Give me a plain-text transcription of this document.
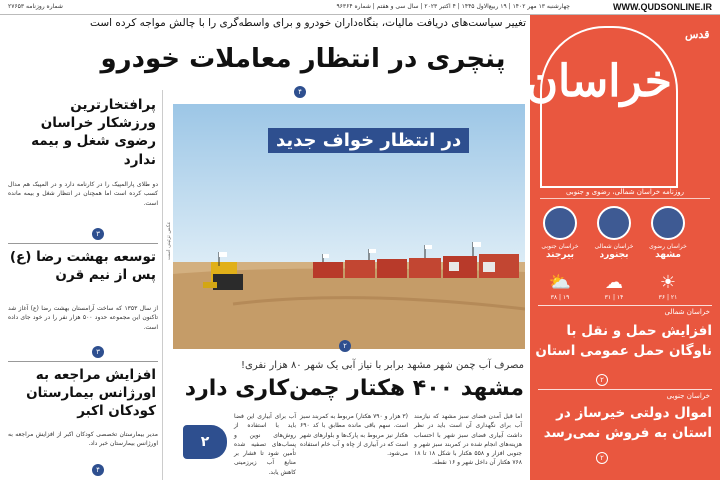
WWW.QUDSONLINE.IR
چهارشنبه ۱۳ مهر ۱۴۰۲ | ۱۹ ربیع‌الاول ۱۴۴۵ | ۴ اکتبر ۲۰۲۳ | سال سی و هفتم | شماره ۹۶۳۶۴
شماره روزنامه ۲۷۶۵۳
خراسان
قدس
روزنامه خراسان شمالی، رضوی و جنوبی
خراسان رضوی
مشهد
خراسان شمالی
بجنورد
خراسان جنوبی
بیرجند
☀
۲۱ | ۳۶
☁
۱۴ | ۳۱
⛅
۱۹ | ۳۸
خراسان شمالی
افزایش حمل و نقل با ناوگان حمل عمومی استان
۲
خراسان جنوبی
اموال دولتی خیرساز در استان به فروش نمی‌رسد
۲
تغییر سیاست‌های دریافت مالیات، بنگاه‌داران خودرو و برای واسطه‌گری را با چالش مواجه کرده است
پنچری در انتظار معاملات خودرو
۴
در انتظار خواف جدید
عکس تزئینی است
۲
مصرف آب چمن شهر مشهد برابر با نیاز آبی یک شهر ۸۰ هزار نفری!
مشهد ۴۰۰ هکتار چمن‌کاری دارد
اما قبل آمدن فضای سبز مشهد که نیازمند آب برای نگهداری آن است باید در نظر داشت آبیاری فضای سبز شهر با احتساب هزینه‌های انجام شده در کمربند سبز شهر و جنوبی افزار و ۵۵۸ هکتار با شکل ۱۸ تا ۱۸ ۷۶۸ هکتار آن داخل شهر و ۱۶ نقطه.
(۳ هزار و ۷۹۰ هکتار) مربوط به کمربند سبز است. سهم باقی مانده مطابق با کد ۶۹۰ هکتار نیز مربوط به پارک‌ها و بلوارهای شهر است که در آبیاری از چاه و آب خام استفاده می‌شود.
آب برای آبیاری این فضا باید با استفاده از روش‌های نوین و پساب‌های تصفیه شده تأمین شود تا فشار بر منابع آب زیرزمینی کاهش یابد.
۲
پرافتخارترین ورزشکار خراسان رضوی شغل و بیمه ندارد
دو طلای پارالمپیک را در کارنامه دارد و در المپیک هم مدال کسب کرده است اما همچنان در انتظار شغل و بیمه مانده است.
۳
توسعه بهشت رضا (ع) پس از نیم قرن
از سال ۱۳۵۳ که ساخت آرامستان بهشت رضا (ع) آغاز شد تاکنون این مجموعه حدود ۵۰۰ هزار نفر را در خود جای داده است.
۳
افزایش مراجعه به اورژانس بیمارستان کودکان اکبر
مدیر بیمارستان تخصصی کودکان اکبر از افزایش مراجعه به اورژانس بیمارستان خبر داد.
۴
